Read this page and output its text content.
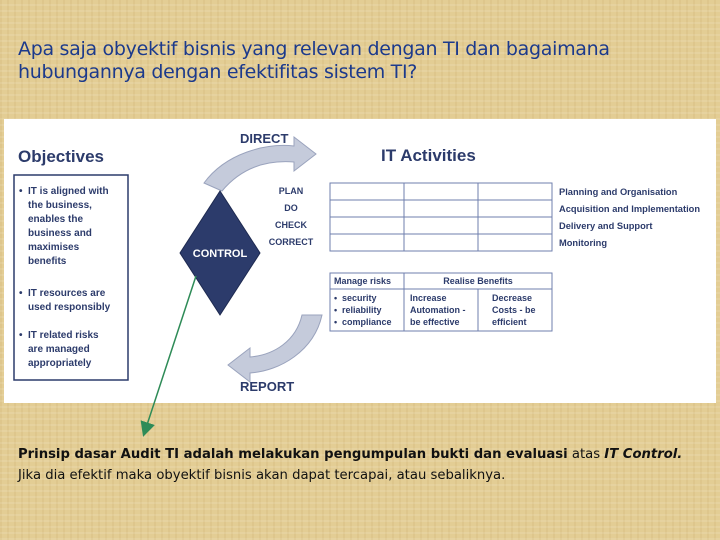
Apa saja obyektif bisnis yang relevan dengan TI dan bagaimana
hubungannya dengan efektifitas sistem TI?
Objectives
• IT is aligned with
the business,
enables the
business and
maximises
benefits
• IT resources are
used responsibly
• IT related risks
are managed
appropriately
DIRECT
REPORT
CONTROL
PLAN
DO
CHECK
CORRECT
IT Activities
Planning and Organisation
Acquisition and Implementation
Delivery and Support
Monitoring
Manage risks	Realise Benefits
• security
• reliability
• compliance
Increase
Automation -
be effective
Decrease
Costs - be
efficient
Prinsip dasar Audit TI adalah melakukan pengumpulan bukti dan evaluasi atas IT Control.
Jika dia efektif maka obyektif bisnis akan dapat tercapai, atau sebaliknya.
